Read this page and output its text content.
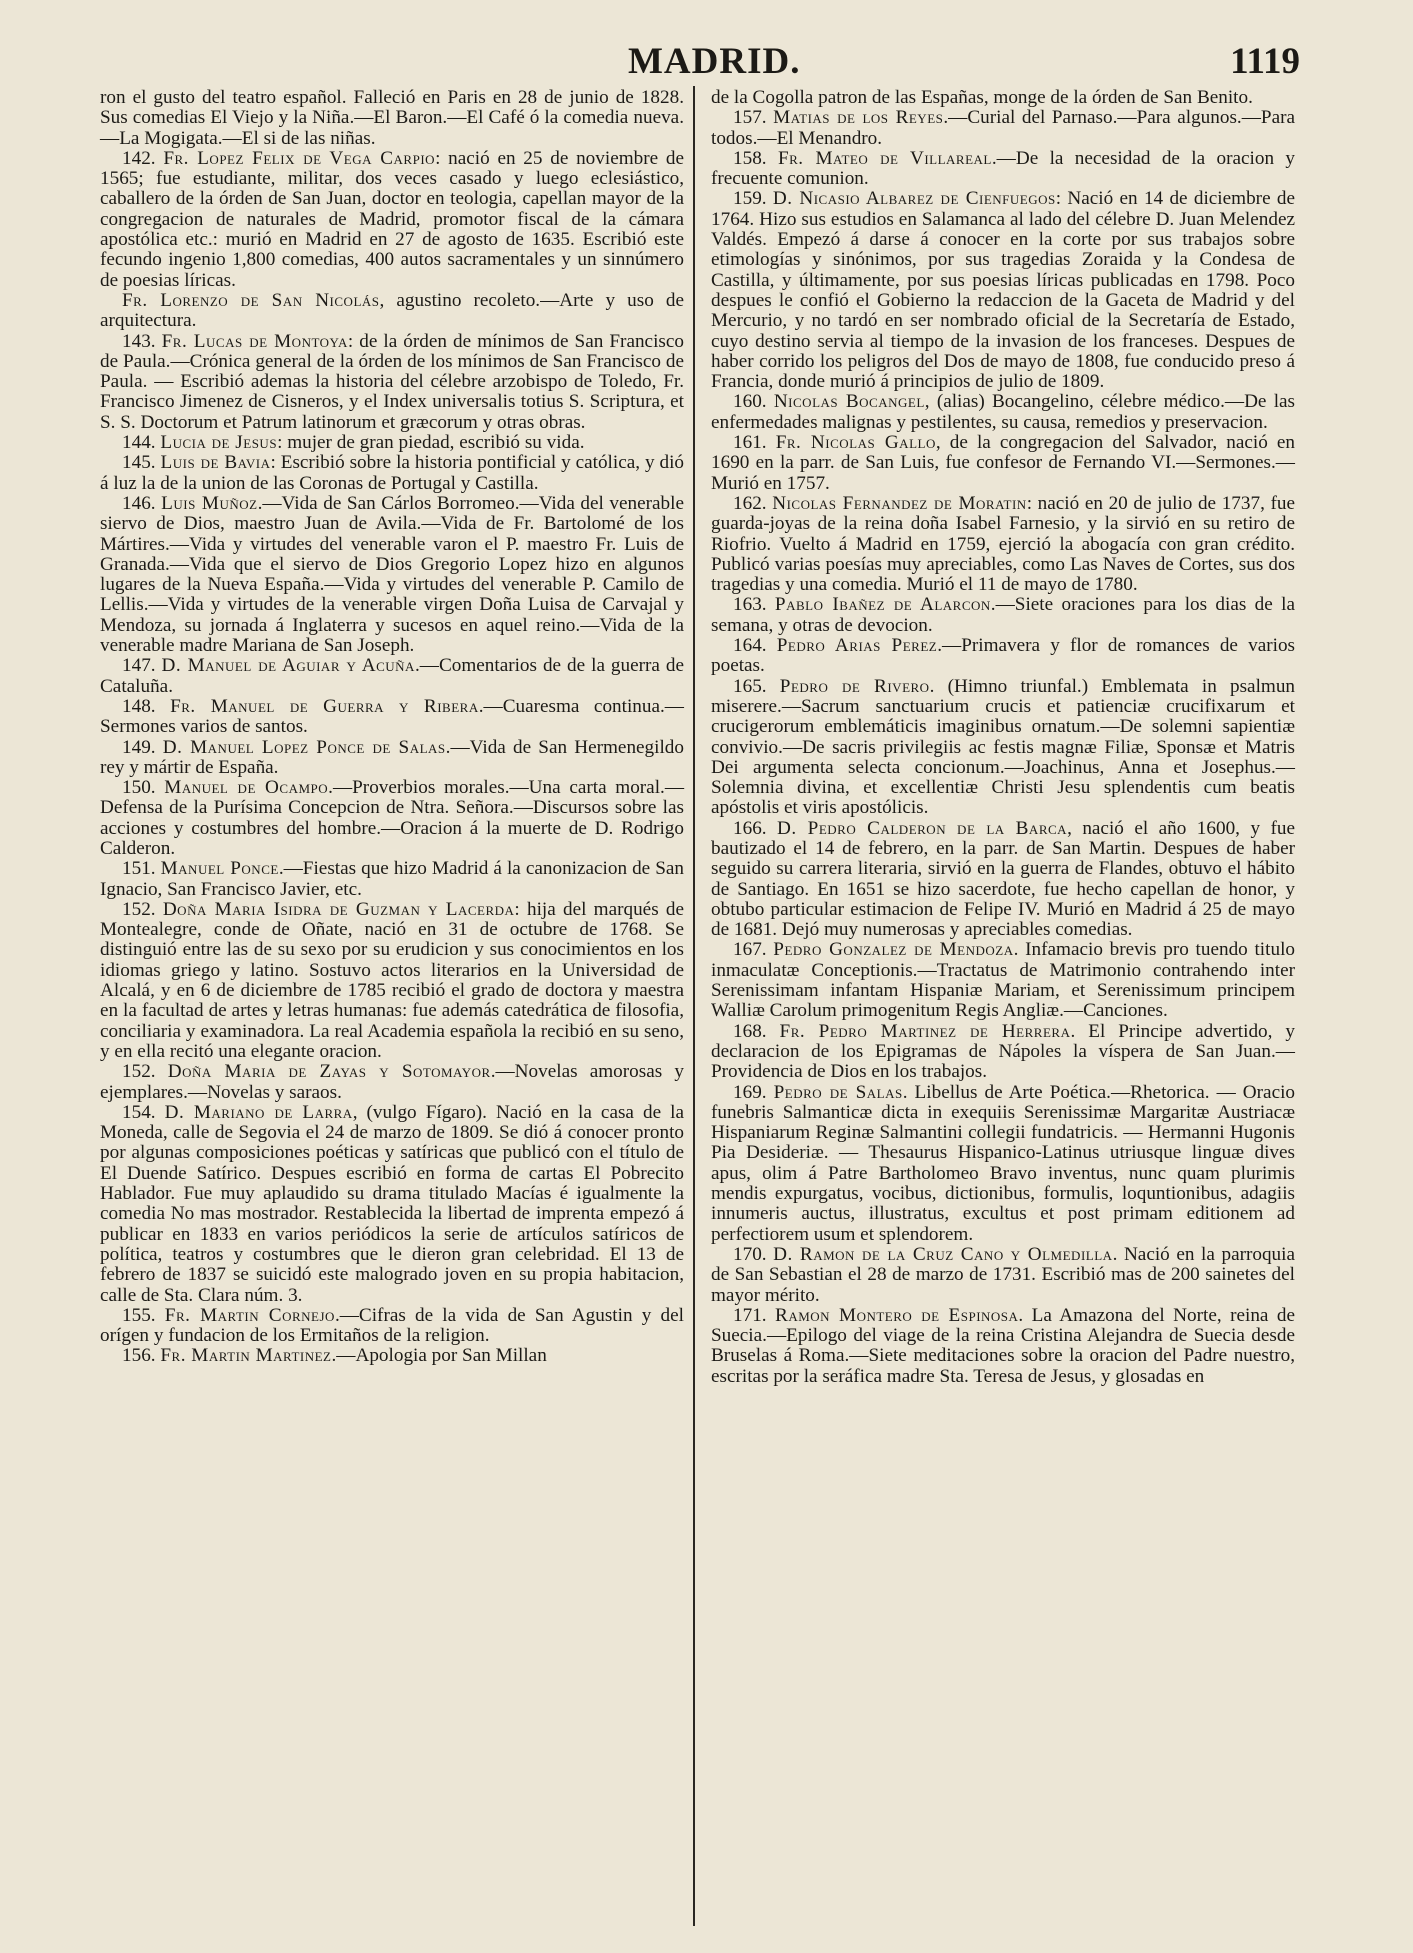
MADRID.	1119

ron el gusto del teatro español. Falleció en Paris en 28 de junio de 1828. Sus comedias El Viejo y la Niña.—El Baron.—El Café ó la comedia nueva.—La Mogigata.—El si de las niñas.

142. Fr. Lopez Felix de Vega Carpio: nació en 25 de noviembre de 1565; fue estudiante, militar, dos veces casado y luego eclesiástico, caballero de la órden de San Juan, doctor en teologia, capellan mayor de la congregacion de naturales de Madrid, promotor fiscal de la cámara apostólica etc.: murió en Madrid en 27 de agosto de 1635. Escribió este fecundo ingenio 1,800 comedias, 400 autos sacramentales y un sinnúmero de poesias líricas.

Fr. Lorenzo de San Nicolás, agustino recoleto.—Arte y uso de arquitectura.

143. Fr. Lucas de Montoya: de la órden de mínimos de San Francisco de Paula.—Crónica general de la órden de los mínimos de San Francisco de Paula. — Escribió ademas la historia del célebre arzobispo de Toledo, Fr. Francisco Jimenez de Cisneros, y el Index universalis totius S. Scriptura, et S. S. Doctorum et Patrum latinorum et græcorum y otras obras.

144. Lucia de Jesus: mujer de gran piedad, escribió su vida.

145. Luis de Bavia: Escribió sobre la historia pontificial y católica, y dió á luz la de la union de las Coronas de Portugal y Castilla.

146. Luis Muñoz.—Vida de San Cárlos Borromeo.—Vida del venerable siervo de Dios, maestro Juan de Avila.—Vida de Fr. Bartolomé de los Mártires.—Vida y virtudes del venerable varon el P. maestro Fr. Luis de Granada.—Vida que el siervo de Dios Gregorio Lopez hizo en algunos lugares de la Nueva España.—Vida y virtudes del venerable P. Camilo de Lellis.—Vida y virtudes de la venerable virgen Doña Luisa de Carvajal y Mendoza, su jornada á Inglaterra y sucesos en aquel reino.—Vida de la venerable madre Mariana de San Joseph.

147. D. Manuel de Aguiar y Acuña.—Comentarios de de la guerra de Cataluña.

148. Fr. Manuel de Guerra y Ribera.—Cuaresma continua.—Sermones varios de santos.

149. D. Manuel Lopez Ponce de Salas.—Vida de San Hermenegildo rey y mártir de España.

150. Manuel de Ocampo.—Proverbios morales.—Una carta moral.—Defensa de la Purísima Concepcion de Ntra. Señora.—Discursos sobre las acciones y costumbres del hombre.—Oracion á la muerte de D. Rodrigo Calderon.

151. Manuel Ponce.—Fiestas que hizo Madrid á la canonizacion de San Ignacio, San Francisco Javier, etc.

152. Doña Maria Isidra de Guzman y Lacerda: hija del marqués de Montealegre, conde de Oñate, nació en 31 de octubre de 1768. Se distinguió entre las de su sexo por su erudicion y sus conocimientos en los idiomas griego y latino. Sostuvo actos literarios en la Universidad de Alcalá, y en 6 de diciembre de 1785 recibió el grado de doctora y maestra en la facultad de artes y letras humanas: fue además catedrática de filosofia, conciliaria y examinadora. La real Academia española la recibió en su seno, y en ella recitó una elegante oracion.

152. Doña Maria de Zayas y Sotomayor.—Novelas amorosas y ejemplares.—Novelas y saraos.

154. D. Mariano de Larra, (vulgo Fígaro). Nació en la casa de la Moneda, calle de Segovia el 24 de marzo de 1809. Se dió á conocer pronto por algunas composiciones poéticas y satíricas que publicó con el título de El Duende Satírico. Despues escribió en forma de cartas El Pobrecito Hablador. Fue muy aplaudido su drama titulado Macías é igualmente la comedia No mas mostrador. Restablecida la libertad de imprenta empezó á publicar en 1833 en varios periódicos la serie de artículos satíricos de política, teatros y costumbres que le dieron gran celebridad. El 13 de febrero de 1837 se suicidó este malogrado joven en su propia habitacion, calle de Sta. Clara núm. 3.

155. Fr. Martin Cornejo.—Cifras de la vida de San Agustin y del orígen y fundacion de los Ermitaños de la religion.

156. Fr. Martin Martinez.—Apologia por San Millan

de la Cogolla patron de las Españas, monge de la órden de San Benito.

157. Matias de los Reyes.—Curial del Parnaso.—Para algunos.—Para todos.—El Menandro.

158. Fr. Mateo de Villareal.—De la necesidad de la oracion y frecuente comunion.

159. D. Nicasio Albarez de Cienfuegos: Nació en 14 de diciembre de 1764. Hizo sus estudios en Salamanca al lado del célebre D. Juan Melendez Valdés. Empezó á darse á conocer en la corte por sus trabajos sobre etimologías y sinónimos, por sus tragedias Zoraida y la Condesa de Castilla, y últimamente, por sus poesias líricas publicadas en 1798. Poco despues le confió el Gobierno la redaccion de la Gaceta de Madrid y del Mercurio, y no tardó en ser nombrado oficial de la Secretaría de Estado, cuyo destino servia al tiempo de la invasion de los franceses. Despues de haber corrido los peligros del Dos de mayo de 1808, fue conducido preso á Francia, donde murió á principios de julio de 1809.

160. Nicolas Bocangel, (alias) Bocangelino, célebre médico.—De las enfermedades malignas y pestilentes, su causa, remedios y preservacion.

161. Fr. Nicolas Gallo, de la congregacion del Salvador, nació en 1690 en la parr. de San Luis, fue confesor de Fernando VI.—Sermones.—Murió en 1757.

162. Nicolas Fernandez de Moratin: nació en 20 de julio de 1737, fue guarda-joyas de la reina doña Isabel Farnesio, y la sirvió en su retiro de Riofrio. Vuelto á Madrid en 1759, ejerció la abogacía con gran crédito. Publicó varias poesías muy apreciables, como Las Naves de Cortes, sus dos tragedias y una comedia. Murió el 11 de mayo de 1780.

163. Pablo Ibañez de Alarcon.—Siete oraciones para los dias de la semana, y otras de devocion.

164. Pedro Arias Perez.—Primavera y flor de romances de varios poetas.

165. Pedro de Rivero. (Himno triunfal.) Emblemata in psalmun miserere.—Sacrum sanctuarium crucis et patienciæ crucifixarum et crucigerorum emblemáticis imaginibus ornatum.—De solemni sapientiæ convivio.—De sacris privilegiis ac festis magnæ Filiæ, Sponsæ et Matris Dei argumenta selecta concionum.—Joachinus, Anna et Josephus.—Solemnia divina, et excellentiæ Christi Jesu splendentis cum beatis apóstolis et viris apostólicis.

166. D. Pedro Calderon de la Barca, nació el año 1600, y fue bautizado el 14 de febrero, en la parr. de San Martin. Despues de haber seguido su carrera literaria, sirvió en la guerra de Flandes, obtuvo el hábito de Santiago. En 1651 se hizo sacerdote, fue hecho capellan de honor, y obtubo particular estimacion de Felipe IV. Murió en Madrid á 25 de mayo de 1681. Dejó muy numerosas y apreciables comedias.

167. Pedro Gonzalez de Mendoza. Infamacio brevis pro tuendo titulo inmaculatæ Conceptionis.—Tractatus de Matrimonio contrahendo inter Serenissimam infantam Hispaniæ Mariam, et Serenissimum principem Walliæ Carolum primogenitum Regis Angliæ.—Canciones.

168. Fr. Pedro Martinez de Herrera. El Principe advertido, y declaracion de los Epigramas de Nápoles la víspera de San Juan.—Providencia de Dios en los trabajos.

169. Pedro de Salas. Libellus de Arte Poética.—Rhetorica. — Oracio funebris Salmanticæ dicta in exequiis Serenissimæ Margaritæ Austriacæ Hispaniarum Reginæ Salmantini collegii fundatricis. — Hermanni Hugonis Pia Desideriæ. — Thesaurus Hispanico-Latinus utriusque linguæ dives apus, olim á Patre Bartholomeo Bravo inventus, nunc quam plurimis mendis expurgatus, vocibus, dictionibus, formulis, loquntionibus, adagiis innumeris auctus, illustratus, excultus et post primam editionem ad perfectiorem usum et splendorem.

170. D. Ramon de la Cruz Cano y Olmedilla. Nació en la parroquia de San Sebastian el 28 de marzo de 1731. Escribió mas de 200 sainetes del mayor mérito.

171. Ramon Montero de Espinosa. La Amazona del Norte, reina de Suecia.—Epilogo del viage de la reina Cristina Alejandra de Suecia desde Bruselas á Roma.—Siete meditaciones sobre la oracion del Padre nuestro, escritas por la seráfica madre Sta. Teresa de Jesus, y glosadas en
